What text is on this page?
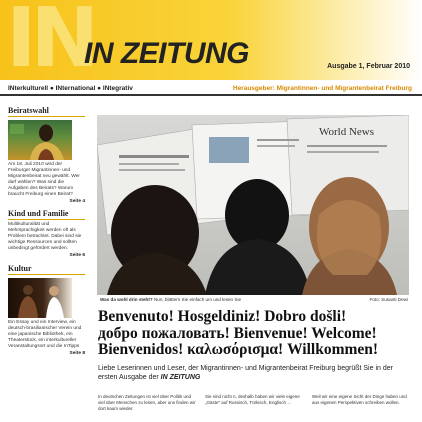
IN
IN ZEITUNG	Ausgabe 1, Februar 2010
INterkulturell ● INternational ● INtegrativ	Herausgeber: Migrantinnen- und Migrantenbeirat Freiburg
Beiratswahl
Am 18. Juli 2010 wird der Freiburger Migrantinnen- und Migrantenbeirat neu gewählt. Wer darf wählen? Was sind die Aufgaben des Beirats? Warum braucht Freiburg einen Beirat?
Seite 4
Kind und Familie
Multikulturalität und Mehrsprachigkeit werden oft als Problem betrachtet. Dabei sind sie wichtige Ressourcen und sollten unbedingt gefördert werden.
Seite 6
Kultur
Ein Essay und ein Interview, ein deutsch-brasilianischer Verein und eine japanische Bibliothek, ein Theaterstück, ein interkultureller Veranstaltungsort und die InTipps
Seite 8
World News
Was da wohl drin steht? Nun, blättern Sie einfach um und lesen Sie	Foto: Susanti Dewi
Benvenuto! Hosgeldiniz! Dobro došli!
добро пожаловать! Bienvenue! Welcome!
Bienvenidos! καλωσόρισμα! Willkommen!
Liebe Leserinnen und Leser, der Migrantinnen- und Migrantenbeirat Freiburg begrüßt Sie in der ersten Ausgabe der IN ZEITUNG
In deutschen Zeitungen ist viel über Politik und viel über Menschen zu lesen, aber uns finden wir dort kaum wieder.
Sie sind nicht n, deshalb haben wir viele eigene „Gäste“ auf Russisch, Türkisch, Englisch …
Weil wir eine eigene Sicht der Dinge haben und aus eigenen Perspektiven schreiben wollen.
